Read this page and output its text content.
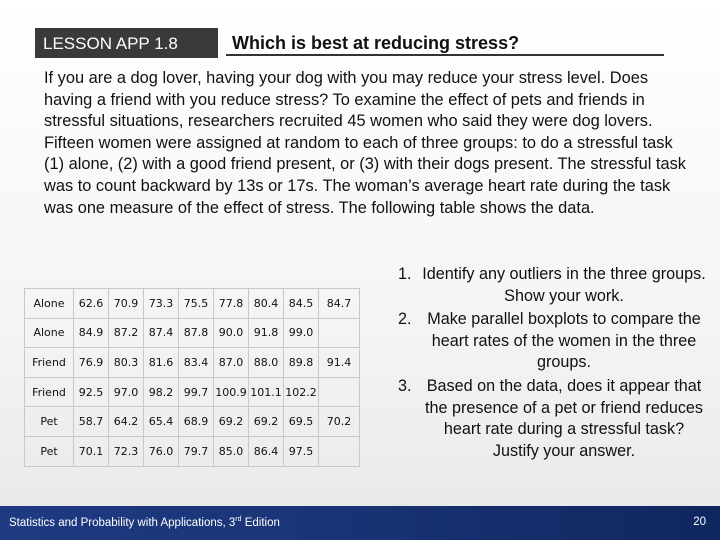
LESSON APP 1.8	Which is best at reducing stress?

If you are a dog lover, having your dog with you may reduce your stress level. Does having a friend with you reduce stress? To examine the effect of pets and friends in stressful situations, researchers recruited 45 women who said they were dog lovers. Fifteen women were assigned at random to each of three groups: to do a stressful task (1) alone, (2) with a good friend present, or (3) with their dogs present. The stressful task was to count backward by 13s or 17s. The woman’s average heart rate during the task was one measure of the effect of stress. The following table shows the data.

Alone	62.6	70.9	73.3	75.5	77.8	80.4	84.5	84.7
Alone	84.9	87.2	87.4	87.8	90.0	91.8	99.0	
Friend	76.9	80.3	81.6	83.4	87.0	88.0	89.8	91.4
Friend	92.5	97.0	98.2	99.7	100.9	101.1	102.2	
Pet	58.7	64.2	65.4	68.9	69.2	69.2	69.5	70.2
Pet	70.1	72.3	76.0	79.7	85.0	86.4	97.5	
1. Identify any outliers in the three groups. Show your work.
2. Make parallel boxplots to compare the heart rates of the women in the three groups.
3. Based on the data, does it appear that the presence of a pet or friend reduces heart rate during a stressful task? Justify your answer.
Statistics and Probability with Applications, 3rd Edition	20
